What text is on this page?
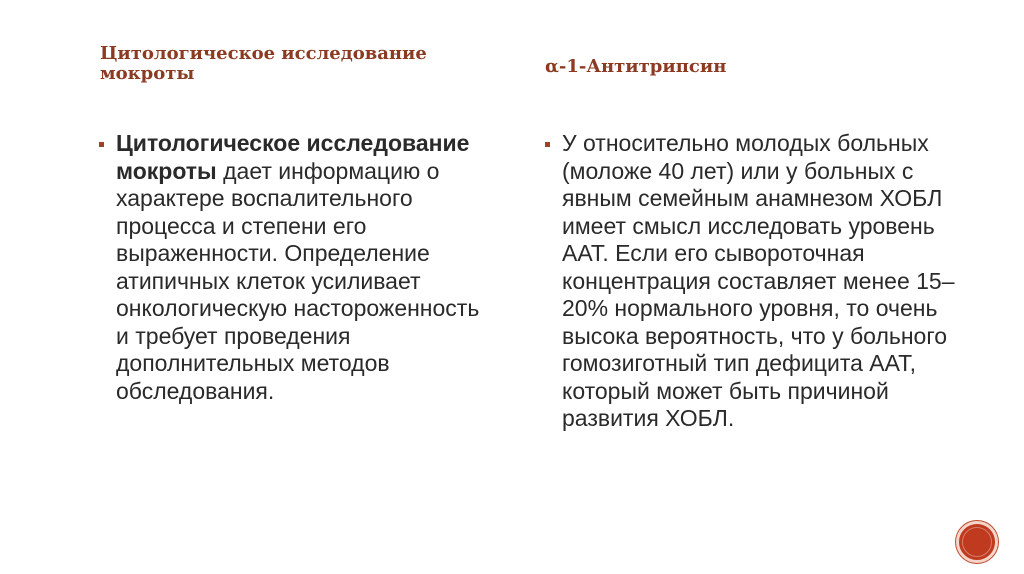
Цитологическое исследование мокроты	α-1-Антитрипсин

Цитологическое исследование мокроты дает информацию о характере воспалительного процесса и степени его выраженности. Определение атипичных клеток усиливает онкологическую настороженность и требует проведения дополнительных методов обследования.

У относительно молодых больных (моложе 40 лет) или у больных с явным семейным анамнезом ХОБЛ имеет смысл исследовать уровень ААТ. Если его сывороточная концентрация составляет менее 15–20% нормального уровня, то очень высока вероятность, что у больного гомозиготный тип дефицита ААТ, который может быть причиной развития ХОБЛ.
